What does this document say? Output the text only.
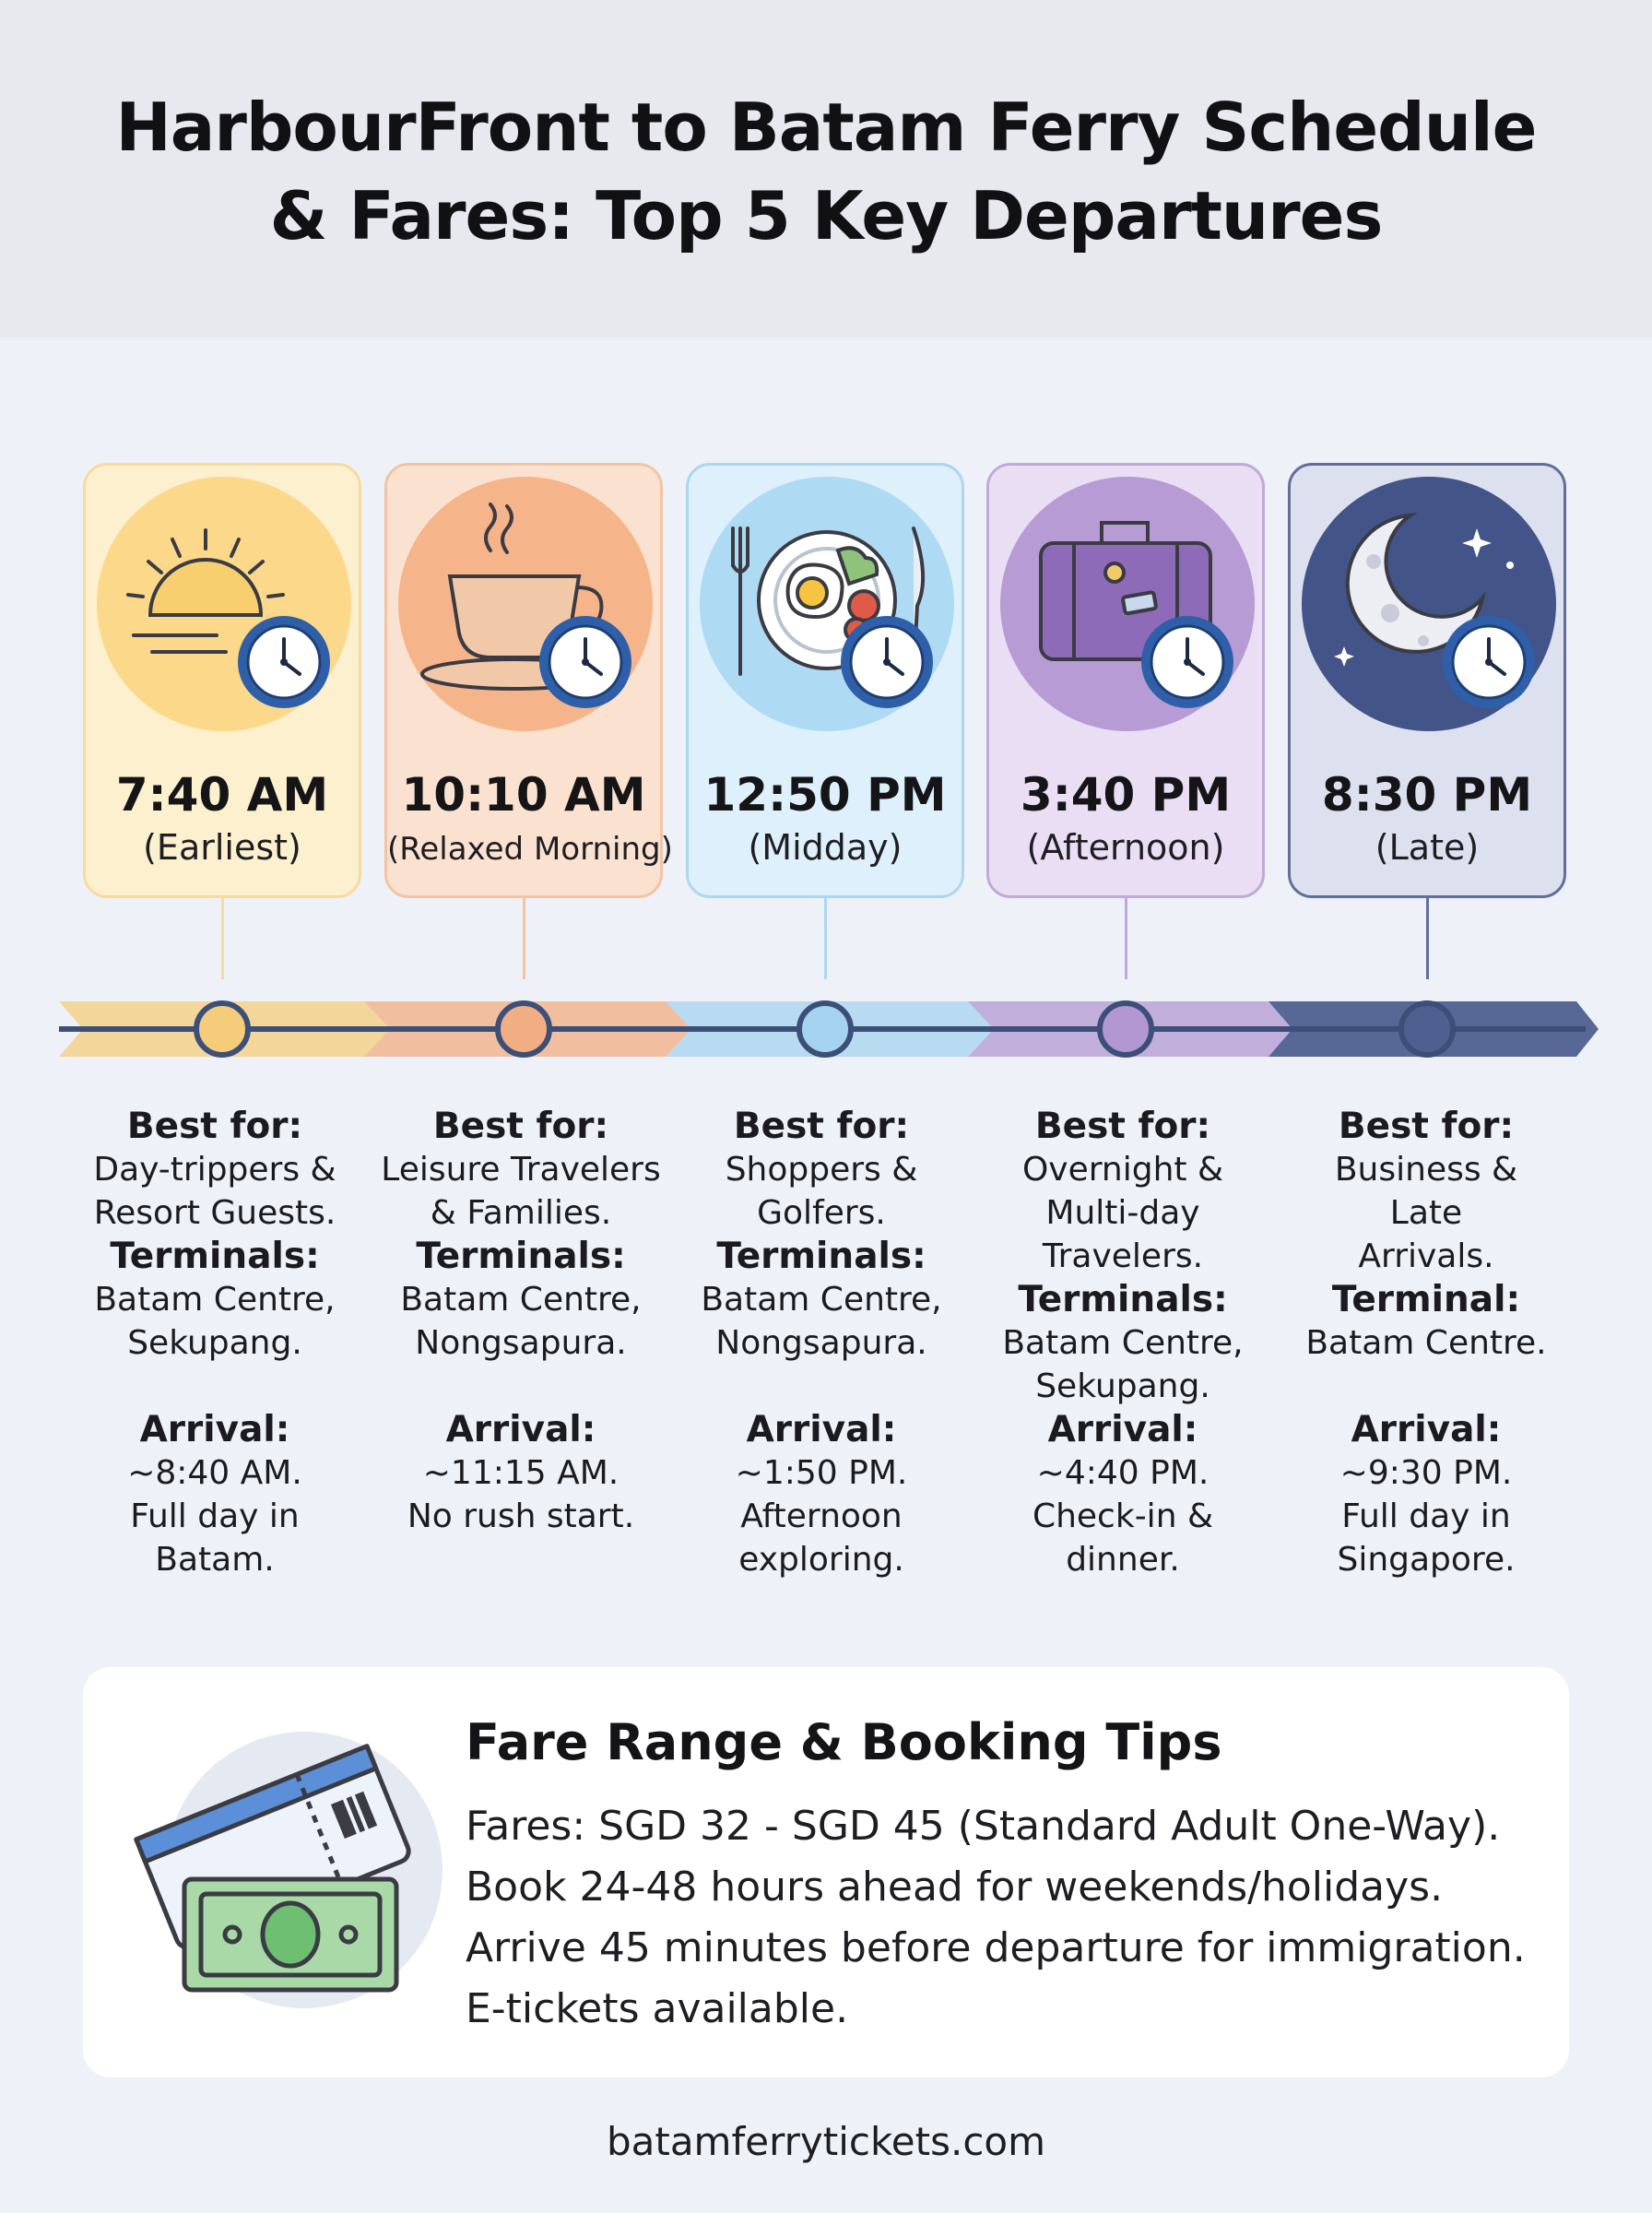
HarbourFront to Batam Ferry Schedule
& Fares: Top 5 Key Departures
7:40 AM
(Earliest)
10:10 AM
(Relaxed Morning)
12:50 PM
(Midday)
3:40 PM
(Afternoon)
8:30 PM
(Late)

Best for:

Day-trippers &

Resort Guests.

Terminals:

Batam Centre,

Sekupang.

Arrival:

~8:40 AM.

Full day in

Batam.

Best for:

Leisure Travelers

& Families.

Terminals:

Batam Centre,

Nongsapura.

Arrival:

~11:15 AM.

No rush start.

Best for:

Shoppers &

Golfers.

Terminals:

Batam Centre,

Nongsapura.

Arrival:

~1:50 PM.

Afternoon

exploring.

Best for:

Overnight &

Multi-day

Travelers.

Terminals:

Batam Centre,

Sekupang.

Arrival:

~4:40 PM.

Check-in &

dinner.

Best for:

Business &

Late

Arrivals.

Terminal:

Batam Centre.

Arrival:

~9:30 PM.

Full day in

Singapore.

Fare Range & Booking Tips
Fares: SGD 32 - SGD 45 (Standard Adult One-Way).
Book 24-48 hours ahead for weekends/holidays.
Arrive 45 minutes before departure for immigration.
E-tickets available.
batamferrytickets.com
